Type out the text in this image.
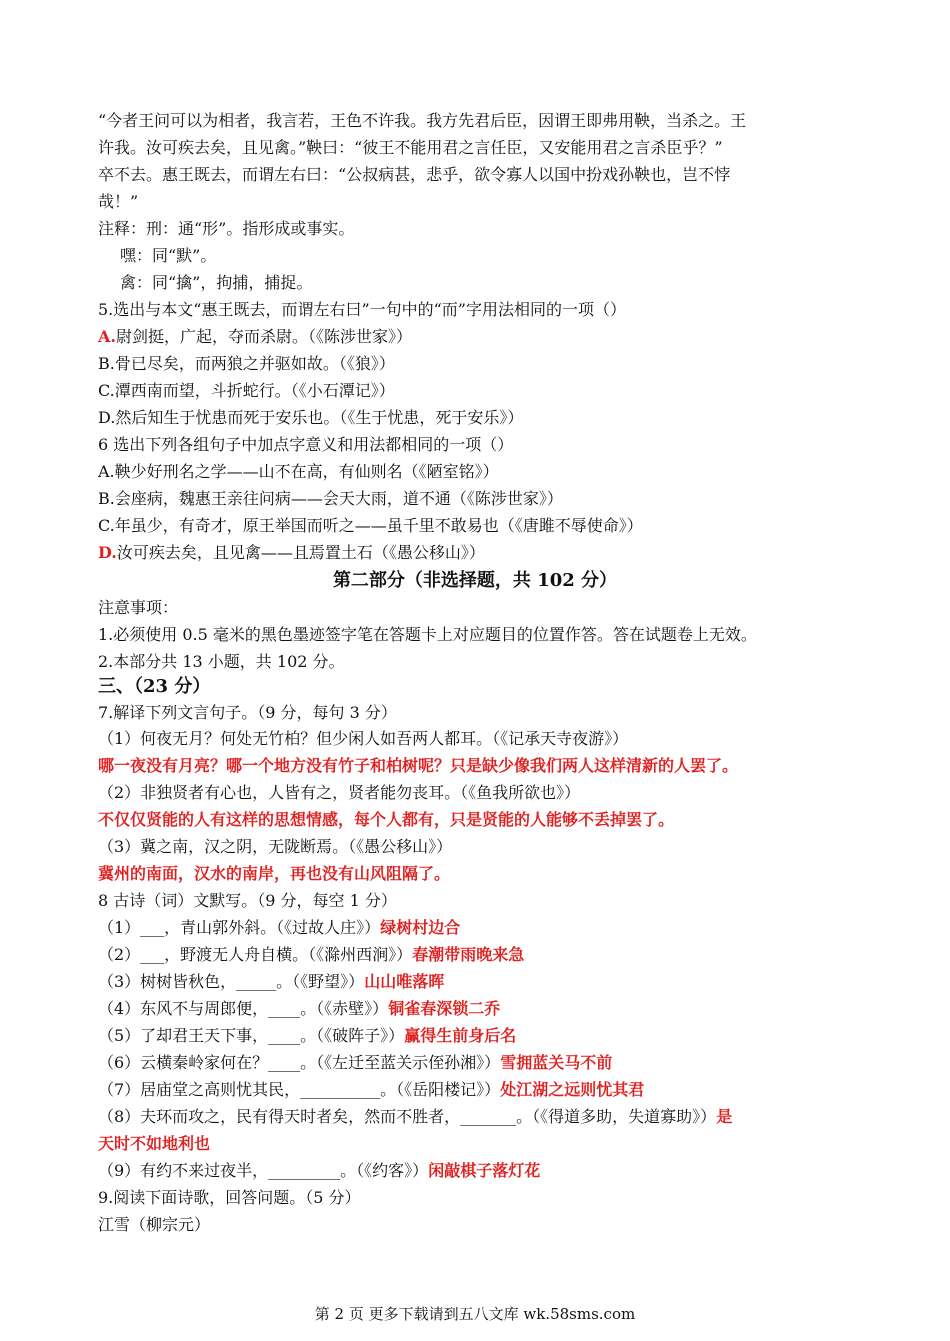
“今者王问可以为相者，我言若，王色不许我。我方先君后臣，因谓王即弗用鞅，当杀之。王
许我。汝可疾去矣，且见禽。”鞅曰：“彼王不能用君之言任臣，又安能用君之言杀臣乎？”
卒不去。惠王既去，而谓左右曰：“公叔病甚，悲乎，欲令寡人以国中扮戏孙鞅也，岂不悖
哉！”
注释：刑：通“形”。指形成或事实。
嘿：同“默”。
禽：同“擒”，拘捕，捕捉。
5.选出与本文“惠王既去，而谓左右曰”一句中的“而”字用法相同的一项（）
A.尉剑挺，广起，夺而杀尉。（《陈涉世家》）
B.骨已尽矣，而两狼之并驱如故。（《狼》）
C.潭西南而望，斗折蛇行。（《小石潭记》）
D.然后知生于忧患而死于安乐也。（《生于忧患，死于安乐》）
6 选出下列各组句子中加点字意义和用法都相同的一项（）
A.鞅少好刑名之学——山不在高，有仙则名（《陋室铭》）
B.会座病，魏惠王亲往问病——会天大雨，道不通（《陈涉世家》）
C.年虽少，有奇才，原王举国而听之——虽千里不敢易也（《唐雎不辱使命》）
D.汝可疾去矣，且见禽——且焉置土石（《愚公移山》）
第二部分（非选择题，共 102 分）
注意事项：
1.必须使用 0.5 毫米的黑色墨迹签字笔在答题卡上对应题目的位置作答。答在试题卷上无效。
2.本部分共 13 小题，共 102 分。
三、（23 分）
7.解译下列文言句子。（9 分，每句 3 分）
（1）何夜无月？何处无竹柏？但少闲人如吾两人都耳。（《记承天寺夜游》）
哪一夜没有月亮？哪一个地方没有竹子和柏树呢？只是缺少像我们两人这样清新的人罢了。
（2）非独贤者有心也，人皆有之，贤者能勿丧耳。（《鱼我所欲也》）
不仅仅贤能的人有这样的思想情感，每个人都有，只是贤能的人能够不丢掉罢了。
（3）冀之南，汉之阴，无陇断焉。（《愚公移山》）
冀州的南面，汉水的南岸，再也没有山风阻隔了。
8 古诗（词）文默写。（9 分，每空 1 分）
（1）___，青山郭外斜。（《过故人庄》）绿树村边合
（2）___，野渡无人舟自横。（《滁州西涧》）春潮带雨晚来急
（3）树树皆秋色，_____。（《野望》）山山唯落晖
（4）东风不与周郎便，____。（《赤壁》）铜雀春深锁二乔
（5）了却君王天下事，____。（《破阵子》）赢得生前身后名
（6）云横秦岭家何在？____。（《左迁至蓝关示侄孙湘》）雪拥蓝关马不前
（7）居庙堂之高则忧其民，__________。（《岳阳楼记》）处江湖之远则忧其君
（8）夫环而攻之，民有得天时者矣，然而不胜者，_______。（《得道多助，失道寡助》）是
天时不如地利也
（9）有约不来过夜半，_________。（《约客》）闲敲棋子落灯花
9.阅读下面诗歌，回答问题。（5 分）
江雪（柳宗元）
第 2 页 更多下载请到五八文库 wk.58sms.com
